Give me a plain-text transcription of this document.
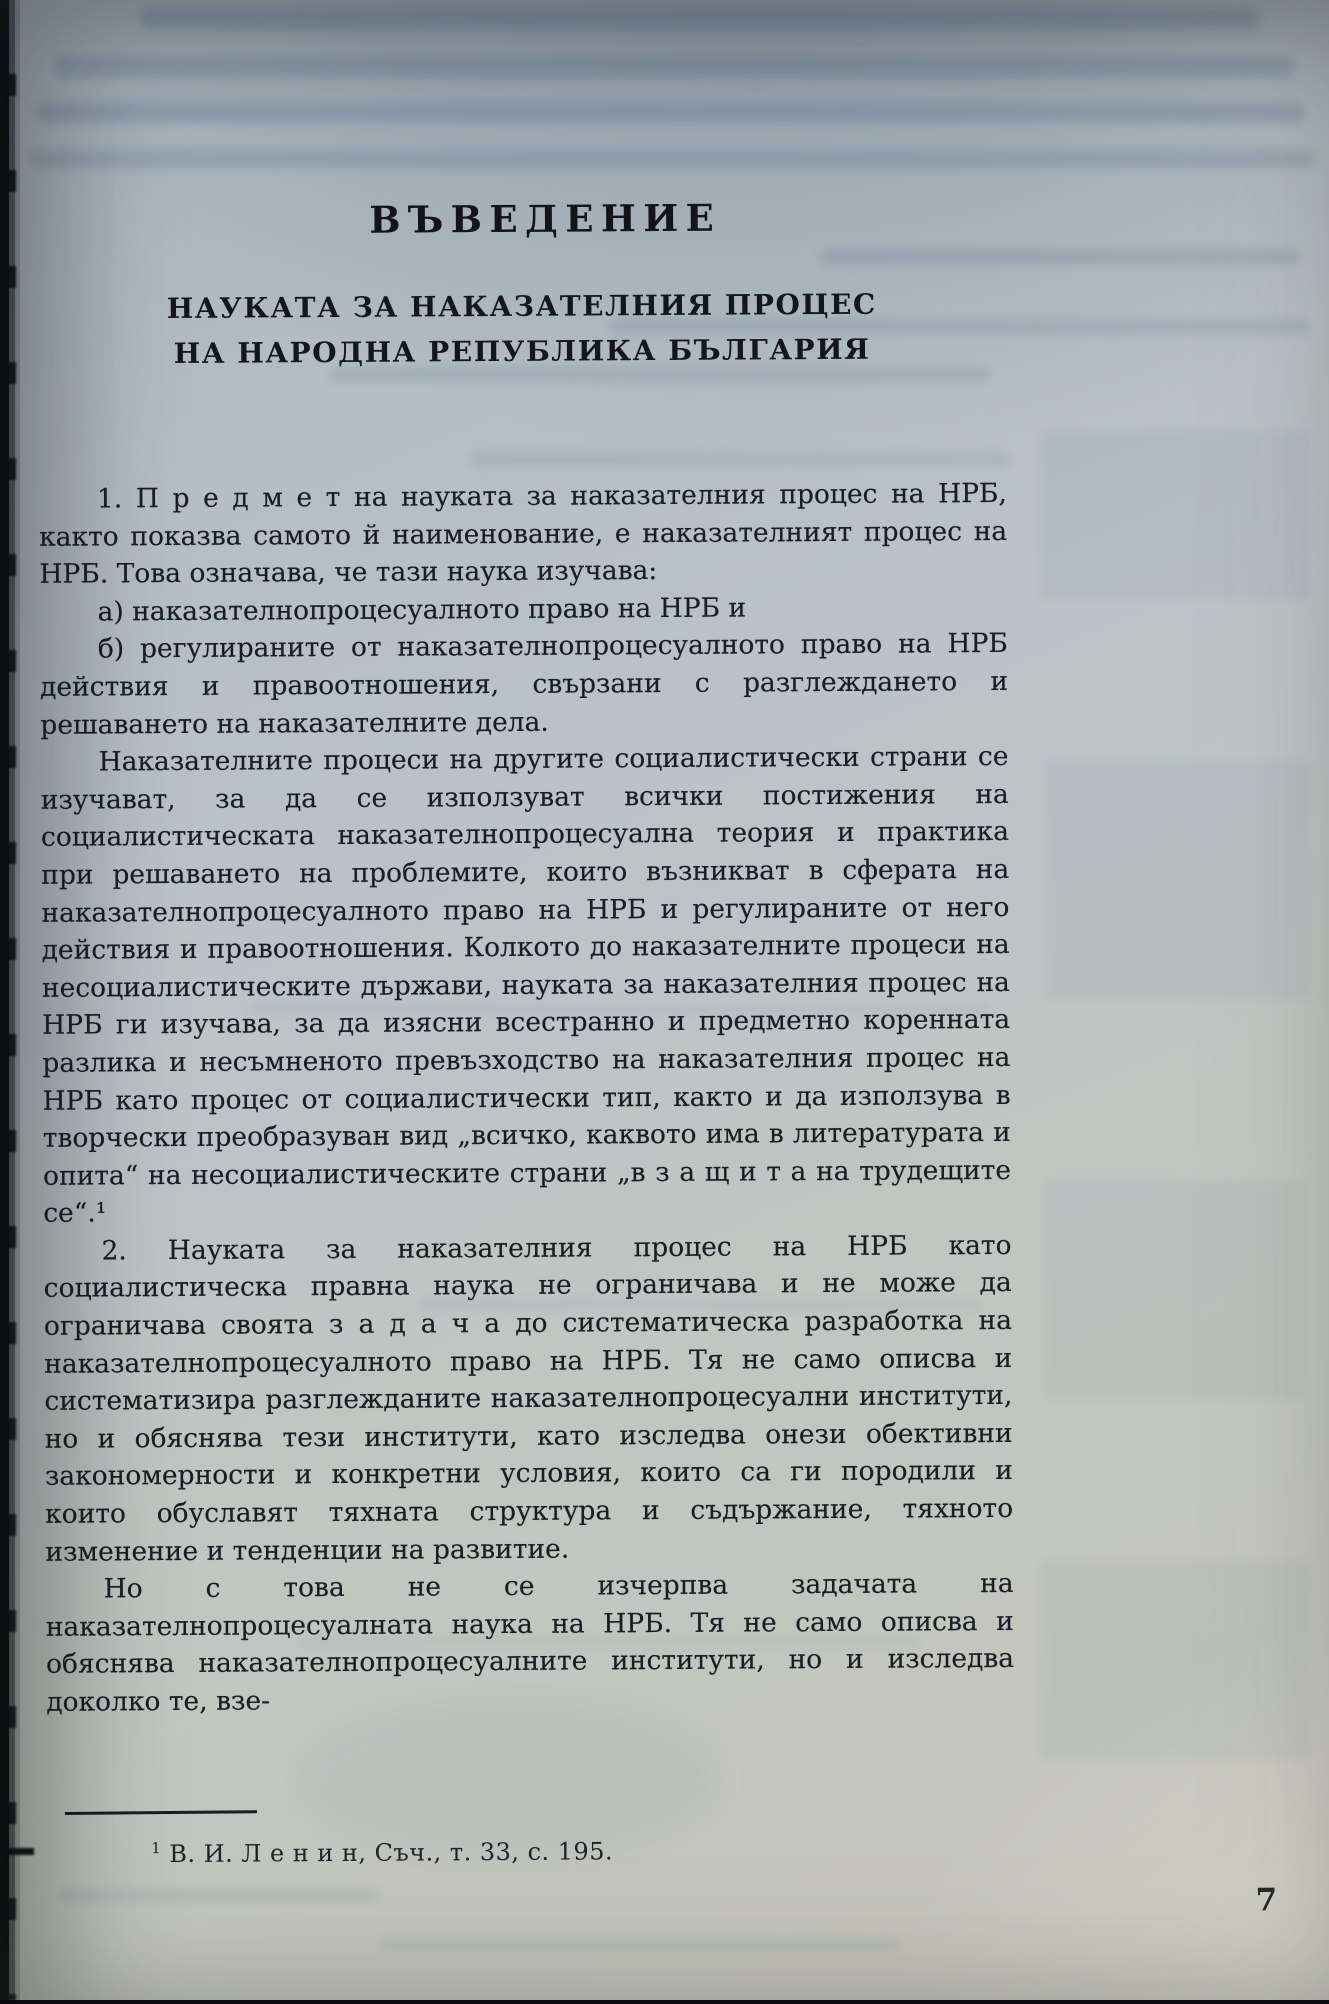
ВЪВЕДЕНИЕ
НАУКАТА ЗА НАКАЗАТЕЛНИЯ ПРОЦЕС
НА НАРОДНА РЕПУБЛИКА БЪЛГАРИЯ

1. П р е д м е т на науката за наказателния процес на НРБ, както показва самото й наименование, е наказателният процес на НРБ. Това означава, че тази наука изучава:

а) наказателнопроцесуалното право на НРБ и

б) регулираните от наказателнопроцесуалното право на НРБ действия и правоотношения, свързани с разглеждането и решаването на наказателните дела.

Наказателните процеси на другите социалистически страни се изучават, за да се използуват всички постижения на социалистическата наказателнопроцесуална теория и практика при решаването на проблемите, които възникват в сферата на наказателнопроцесуалното право на НРБ и регулираните от него действия и правоотношения. Колкото до наказателните процеси на несоциалистическите държави, науката за наказателния процес на НРБ ги изучава, за да изясни всестранно и предметно коренната разлика и несъмненото превъзходство на наказателния процес на НРБ като процес от социалистически тип, както и да използува в творчески преобразуван вид „всичко, каквото има в литературата и опита“ на несоциалистическите страни „в з а щ и т а на трудещите се“.¹

2. Науката за наказателния процес на НРБ като социалистическа правна наука не ограничава и не може да ограничава своята з а д а ч а до систематическа разработка на наказателнопроцесуалното право на НРБ. Тя не само описва и систематизира разглежданите наказателнопроцесуални институти, но и обяснява тези институти, като изследва онези обективни закономерности и конкретни условия, които са ги породили и които обуславят тяхната структура и съдържание, тяхното изменение и тенденции на развитие.

Но с това не се изчерпва задачата на наказателнопроцесуалната наука на НРБ. Тя не само описва и обяснява наказателнопроцесуалните институти, но и изследва доколко те, взе-

$^1$ В. И. Л е н и н, Съч., т. 33, с. 195.
7
